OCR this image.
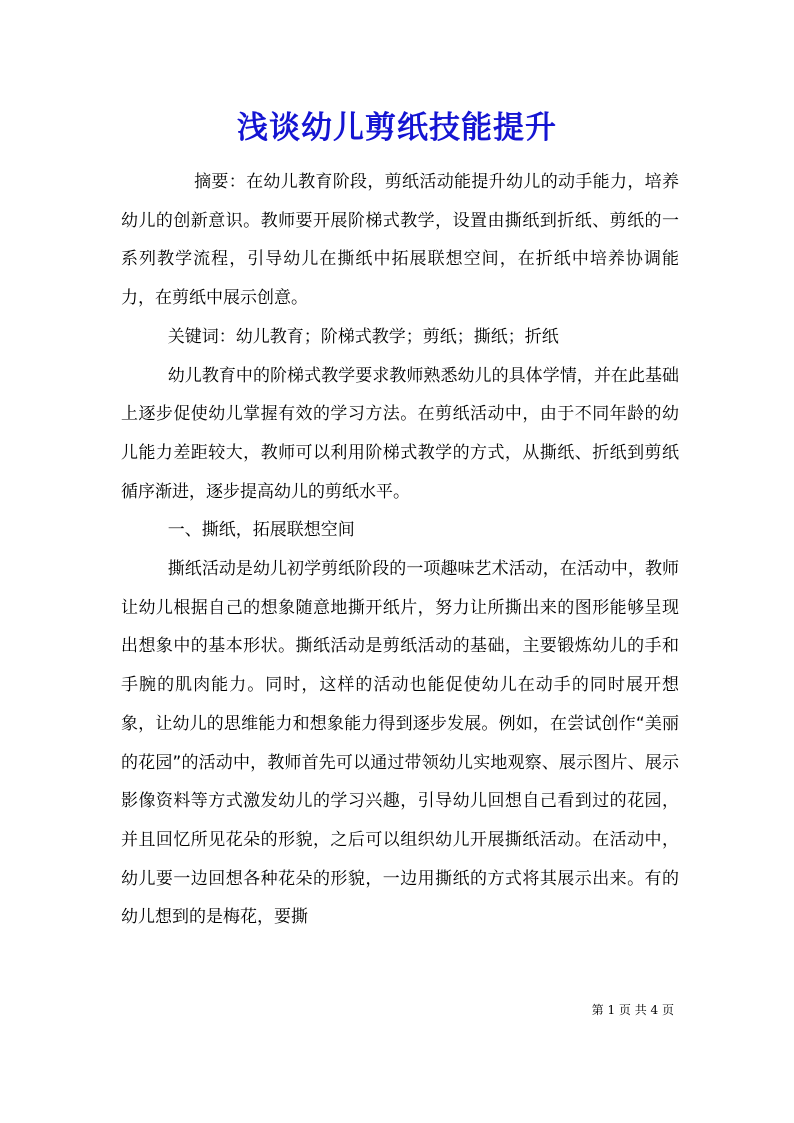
浅谈幼儿剪纸技能提升

摘要：在幼儿教育阶段，剪纸活动能提升幼儿的动手能力，培养幼儿的创新意识。教师要开展阶梯式教学，设置由撕纸到折纸、剪纸的一系列教学流程，引导幼儿在撕纸中拓展联想空间，在折纸中培养协调能力，在剪纸中展示创意。

关键词：幼儿教育；阶梯式教学；剪纸；撕纸；折纸

幼儿教育中的阶梯式教学要求教师熟悉幼儿的具体学情，并在此基础上逐步促使幼儿掌握有效的学习方法。在剪纸活动中，由于不同年龄的幼儿能力差距较大，教师可以利用阶梯式教学的方式，从撕纸、折纸到剪纸循序渐进，逐步提高幼儿的剪纸水平。

一、撕纸，拓展联想空间

撕纸活动是幼儿初学剪纸阶段的一项趣味艺术活动，在活动中，教师让幼儿根据自己的想象随意地撕开纸片，努力让所撕出来的图形能够呈现出想象中的基本形状。撕纸活动是剪纸活动的基础，主要锻炼幼儿的手和手腕的肌肉能力。同时，这样的活动也能促使幼儿在动手的同时展开想象，让幼儿的思维能力和想象能力得到逐步发展。例如，在尝试创作“美丽的花园”的活动中，教师首先可以通过带领幼儿实地观察、展示图片、展示影像资料等方式激发幼儿的学习兴趣，引导幼儿回想自己看到过的花园，并且回忆所见花朵的形貌，之后可以组织幼儿开展撕纸活动。在活动中，幼儿要一边回想各种花朵的形貌，一边用撕纸的方式将其展示出来。有的幼儿想到的是梅花，要撕

第 1 页 共 4 页
